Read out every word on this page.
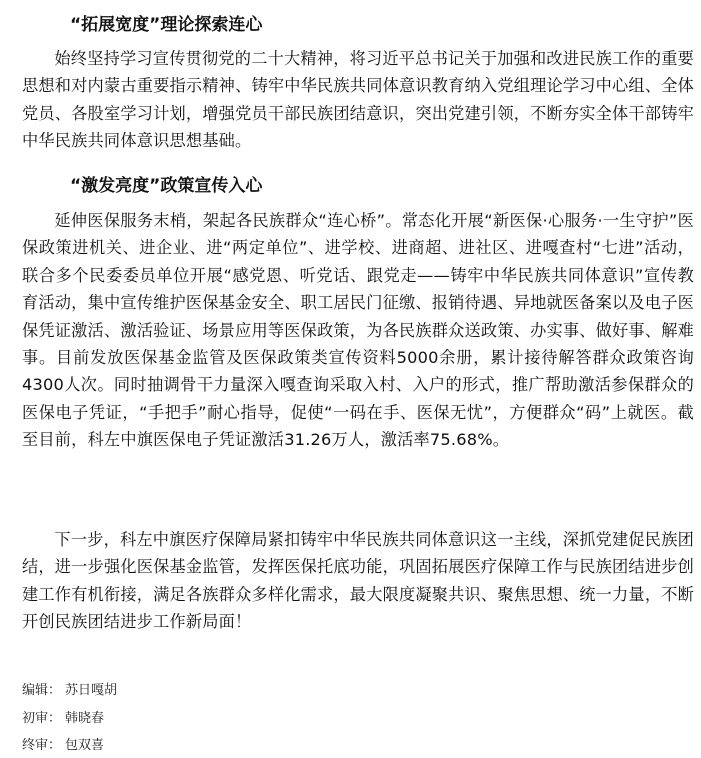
“拓展宽度”理论探索连心

始终坚持学习宣传贯彻党的二十大精神，将习近平总书记关于加强和改进民族工作的重要思想和对内蒙古重要指示精神、铸牢中华民族共同体意识教育纳入党组理论学习中心组、全体党员、各股室学习计划，增强党员干部民族团结意识，突出党建引领，不断夯实全体干部铸牢中华民族共同体意识思想基础。

“激发亮度”政策宣传入心

延伸医保服务末梢，架起各民族群众“连心桥”。常态化开展“新医保·心服务·一生守护”医保政策进机关、进企业、进“两定单位”、进学校、进商超、进社区、进嘎查村“七进”活动，联合多个民委委员单位开展“感党恩、听党话、跟党走——铸牢中华民族共同体意识”宣传教育活动，集中宣传维护医保基金安全、职工居民门征缴、报销待遇、异地就医备案以及电子医保凭证激活、激活验证、场景应用等医保政策，为各民族群众送政策、办实事、做好事、解难事。目前发放医保基金监管及医保政策类宣传资料5000余册，累计接待解答群众政策咨询4300人次。同时抽调骨干力量深入嘎查询采取入村、入户的形式，推广帮助激活参保群众的医保电子凭证，“手把手”耐心指导，促使“一码在手、医保无忧”，方便群众“码”上就医。截至目前，科左中旗医保电子凭证激活31.26万人，激活率75.68%。

下一步，科左中旗医疗保障局紧扣铸牢中华民族共同体意识这一主线，深抓党建促民族团结，进一步强化医保基金监管，发挥医保托底功能，巩固拓展医疗保障工作与民族团结进步创建工作有机衔接，满足各族群众多样化需求，最大限度凝聚共识、聚焦思想、统一力量，不断开创民族团结进步工作新局面！

编辑： 苏日嘎胡
初审： 韩晓春
终审： 包双喜
